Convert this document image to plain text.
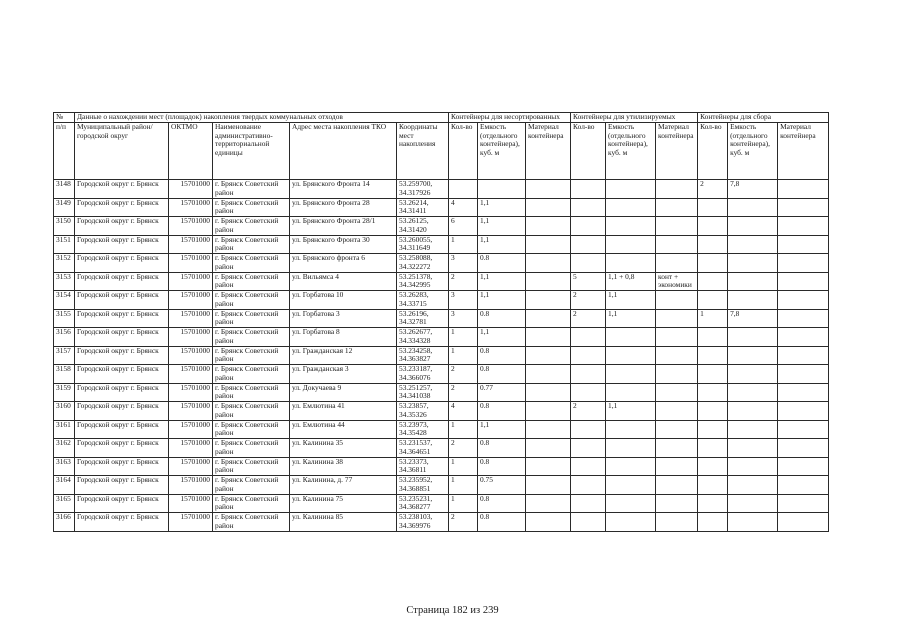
№	Данные о нахождении мест (площадок) накопления твердых коммунальных отходов					Контейнеры для несортированных			Контейнеры для утилизируемых			Контейнеры для сбора		
п/п	Муниципальный район/городской округ	ОКТМО	Наименование административно-территориальной единицы	Адрес места накопления ТКО	Координаты мест накопления	Кол-во	Емкость (отдельного контейнера), куб. м	Материал контейнера	Кол-во	Емкость (отдельного контейнера), куб. м	Материал контейнера	Кол-во	Емкость (отдельного контейнера), куб. м	Материал контейнера
3148	Городской округ г. Брянск	15701000	г. Брянск Советский район	ул. Брянского Фронта 14	53.259700, 34.317926							2	7,8	
3149	Городской округ г. Брянск	15701000	г. Брянск Советский район	ул. Брянского Фронта 28	53.26214, 34.31411	4	1,1							
3150	Городской округ г. Брянск	15701000	г. Брянск Советский район	ул. Брянского Фронта 28/1	53.26125, 34.31420	6	1,1							
3151	Городской округ г. Брянск	15701000	г. Брянск Советский район	ул. Брянского Фронта 30	53.260055, 34.311649	1	1,1							
3152	Городской округ г. Брянск	15701000	г. Брянск Советский район	ул. Брянского фронта 6	53.258088, 34.322272	3	0.8							
3153	Городской округ г. Брянск	15701000	г. Брянск Советский район	ул. Вильямса 4	53.251378, 34.342995	2	1,1		5	1,1 + 0,8	конт + экономики			
3154	Городской округ г. Брянск	15701000	г. Брянск Советский район	ул. Горбатова 10	53.26283, 34.33715	3	1,1		2	1,1				
3155	Городской округ г. Брянск	15701000	г. Брянск Советский район	ул. Горбатова 3	53.26196, 34.32781	3	0.8		2	1,1		1	7,8	
3156	Городской округ г. Брянск	15701000	г. Брянск Советский район	ул. Горбатова 8	53.262677, 34.334328	1	1,1							
3157	Городской округ г. Брянск	15701000	г. Брянск Советский район	ул. Гражданская 12	53.234258, 34.363827	1	0.8							
3158	Городской округ г. Брянск	15701000	г. Брянск Советский район	ул. Гражданская 3	53.233187, 34.366076	2	0.8							
3159	Городской округ г. Брянск	15701000	г. Брянск Советский район	ул. Докучаева 9	53.251257, 34.341038	2	0.77							
3160	Городской округ г. Брянск	15701000	г. Брянск Советский район	ул. Емлютина 41	53.23857, 34.35326	4	0.8		2	1,1				
3161	Городской округ г. Брянск	15701000	г. Брянск Советский район	ул. Емлютина 44	53.23973, 34.35428	1	1,1							
3162	Городской округ г. Брянск	15701000	г. Брянск Советский район	ул. Калинина 35	53.231537, 34.364651	2	0.8							
3163	Городской округ г. Брянск	15701000	г. Брянск Советский район	ул. Калинина 38	53.23373, 34.36811	1	0.8							
3164	Городской округ г. Брянск	15701000	г. Брянск Советский район	ул. Калинина, д. 77	53.235952, 34.368851	1	0.75							
3165	Городской округ г. Брянск	15701000	г. Брянск Советский район	ул. Калинина 75	53.235231, 34.368277	1	0.8							
3166	Городской округ г. Брянск	15701000	г. Брянск Советский район	ул. Калинина 85	53.238103, 34.369976	2	0.8							
Страница 182 из 239
